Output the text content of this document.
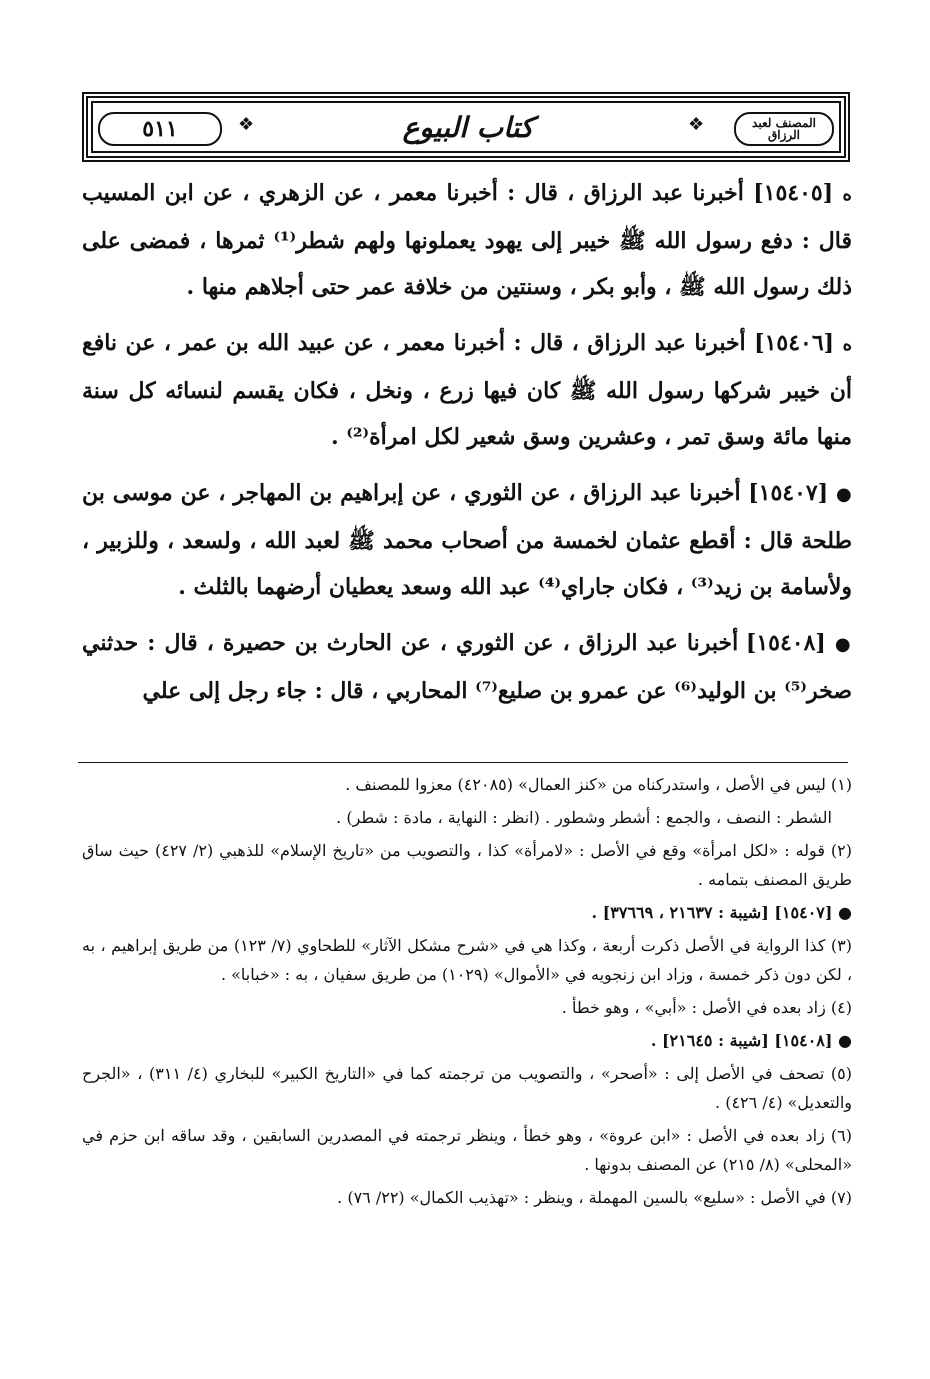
٥١١	كتاب البيوع	المصنف لعبد الرزاق
❖	❖

ه [١٥٤٠٥] أخبرنا عبد الرزاق ، قال : أخبرنا معمر ، عن الزهري ، عن ابن المسيب قال : دفع رسول الله ﷺ خيبر إلى يهود يعملونها ولهم شطر⁽¹⁾ ثمرها ، فمضى على ذلك رسول الله ﷺ ، وأبو بكر ، وسنتين من خلافة عمر حتى أجلاهم منها .

ه [١٥٤٠٦] أخبرنا عبد الرزاق ، قال : أخبرنا معمر ، عن عبيد الله بن عمر ، عن نافع أن خيبر شركها رسول الله ﷺ كان فيها زرع ، ونخل ، فكان يقسم لنسائه كل سنة منها مائة وسق تمر ، وعشرين وسق شعير لكل امرأة⁽²⁾ .

● [١٥٤٠٧] أخبرنا عبد الرزاق ، عن الثوري ، عن إبراهيم بن المهاجر ، عن موسى بن طلحة قال : أقطع عثمان لخمسة من أصحاب محمد ﷺ لعبد الله ، ولسعد ، وللزبير ، ولأسامة بن زيد⁽³⁾ ، فكان جاراي⁽⁴⁾ عبد الله وسعد يعطيان أرضهما بالثلث .

● [١٥٤٠٨] أخبرنا عبد الرزاق ، عن الثوري ، عن الحارث بن حصيرة ، قال : حدثني صخر⁽⁵⁾ بن الوليد⁽⁶⁾ عن عمرو بن صليع⁽⁷⁾ المحاربي ، قال : جاء رجل إلى علي

(١) ليس في الأصل ، واستدركناه من «كنز العمال» (٤٢٠٨٥) معزوا للمصنف .

الشطر : النصف ، والجمع : أشطر وشطور . (انظر : النهاية ، مادة : شطر) .

(٢) قوله : «لكل امرأة» وقع في الأصل : «لامرأة» كذا ، والتصويب من «تاريخ الإسلام» للذهبي (٢/ ٤٢٧) حيث ساق طريق المصنف بتمامه .

● [١٥٤٠٧] [شيبة : ٢١٦٣٧ ، ٣٧٦٦٩] .

(٣) كذا الرواية في الأصل ذكرت أربعة ، وكذا هي في «شرح مشكل الآثار» للطحاوي (٧/ ١٢٣) من طريق إبراهيم ، به ، لكن دون ذكر خمسة ، وزاد ابن زنجويه في «الأموال» (١٠٢٩) من طريق سفيان ، به : «خبابا» .

(٤) زاد بعده في الأصل : «أبي» ، وهو خطأ .

● [١٥٤٠٨] [شيبة : ٢١٦٤٥] .

(٥) تصحف في الأصل إلى : «أصحر» ، والتصويب من ترجمته كما في «التاريخ الكبير» للبخاري (٤/ ٣١١) ، «الجرح والتعديل» (٤/ ٤٢٦) .

(٦) زاد بعده في الأصل : «ابن عروة» ، وهو خطأ ، وينظر ترجمته في المصدرين السابقين ، وقد ساقه ابن حزم في «المحلى» (٨/ ٢١٥) عن المصنف بدونها .

(٧) في الأصل : «سليع» بالسين المهملة ، وينظر : «تهذيب الكمال» (٢٢/ ٧٦) .
